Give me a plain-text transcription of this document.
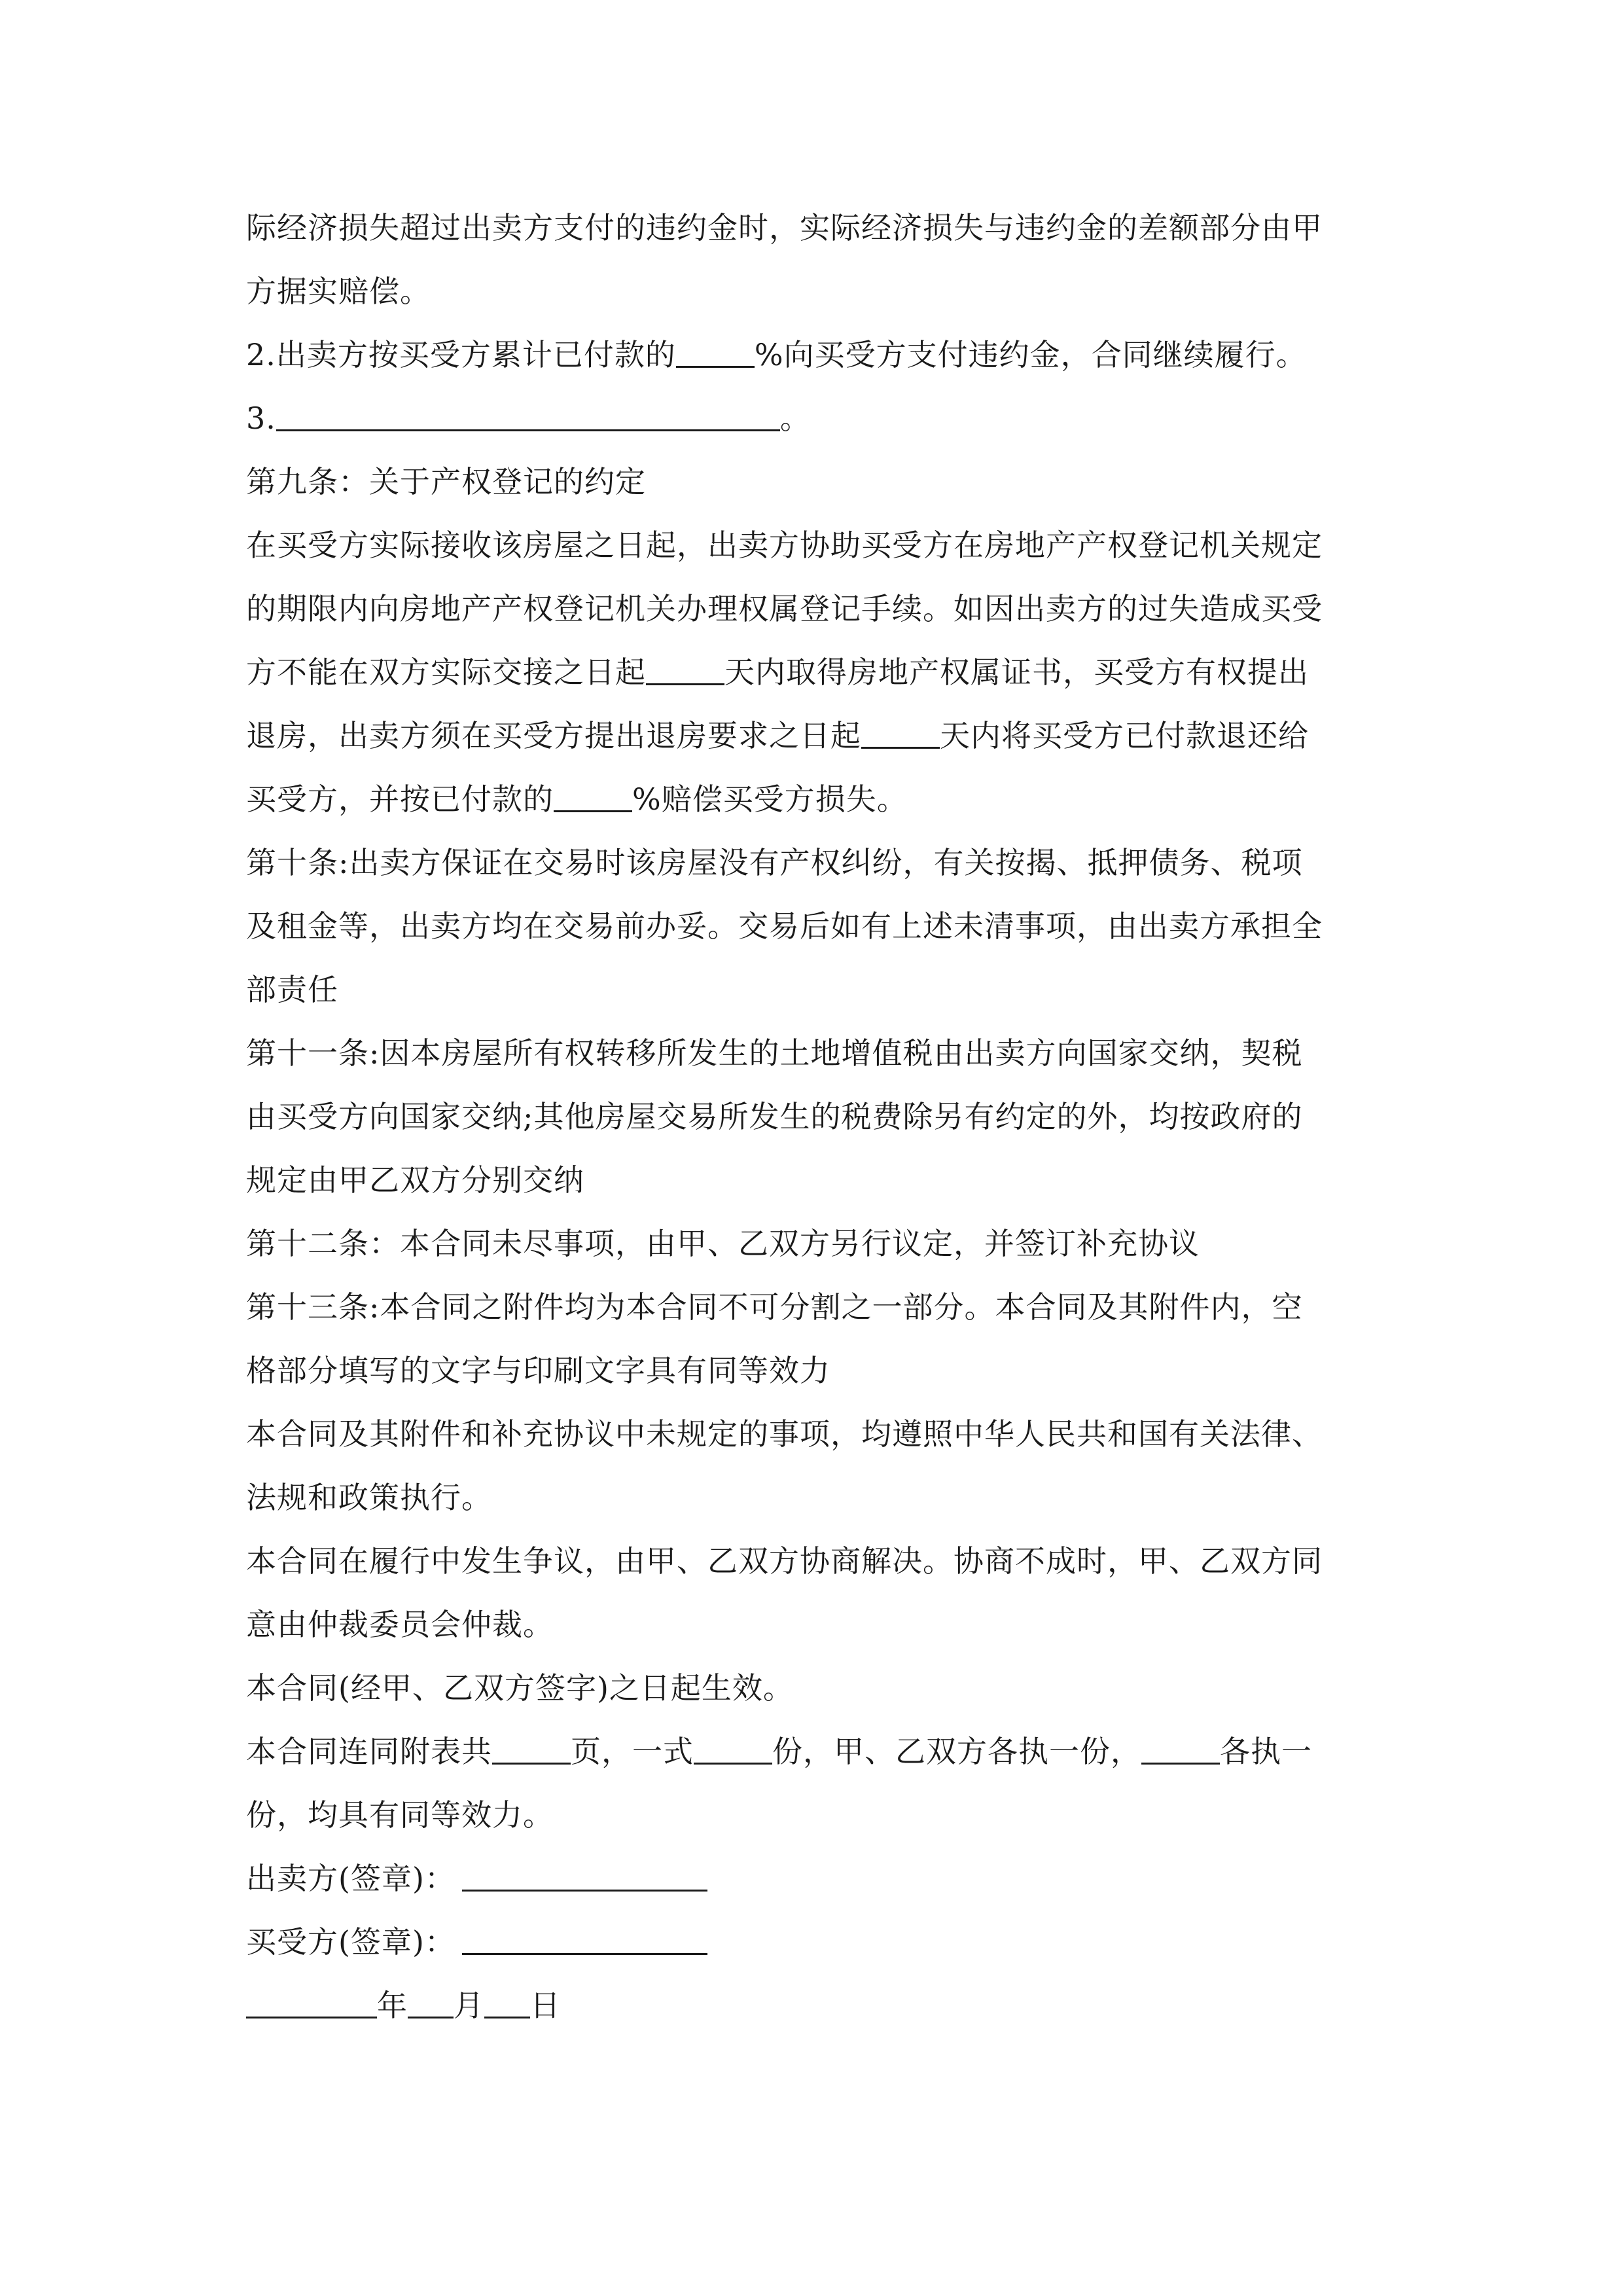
际经济损失超过出卖方支付的违约金时，实际经济损失与违约金的差额部分由甲
方据实赔偿。
2.出卖方按买受方累计已付款的	%向买受方支付违约金，合同继续履行。
3.	。
第九条：关于产权登记的约定
在买受方实际接收该房屋之日起，出卖方协助买受方在房地产产权登记机关规定
的期限内向房地产产权登记机关办理权属登记手续。如因出卖方的过失造成买受
方不能在双方实际交接之日起	天内取得房地产权属证书，买受方有权提出
退房，出卖方须在买受方提出退房要求之日起	天内将买受方已付款退还给
买受方，并按已付款的	%赔偿买受方损失。
第十条:出卖方保证在交易时该房屋没有产权纠纷，有关按揭、抵押债务、税项
及租金等，出卖方均在交易前办妥。交易后如有上述未清事项，由出卖方承担全
部责任
第十一条:因本房屋所有权转移所发生的土地增值税由出卖方向国家交纳，契税
由买受方向国家交纳;其他房屋交易所发生的税费除另有约定的外，均按政府的
规定由甲乙双方分别交纳
第十二条：本合同未尽事项，由甲、乙双方另行议定，并签订补充协议
第十三条:本合同之附件均为本合同不可分割之一部分。本合同及其附件内，空
格部分填写的文字与印刷文字具有同等效力
本合同及其附件和补充协议中未规定的事项，均遵照中华人民共和国有关法律、
法规和政策执行。
本合同在履行中发生争议，由甲、乙双方协商解决。协商不成时，甲、乙双方同
意由仲裁委员会仲裁。
本合同(经甲、乙双方签字)之日起生效。
本合同连同附表共	页，一式	份，甲、乙双方各执一份，	各执一
份，均具有同等效力。
出卖方(签章)：
买受方(签章)：
年 月 日
